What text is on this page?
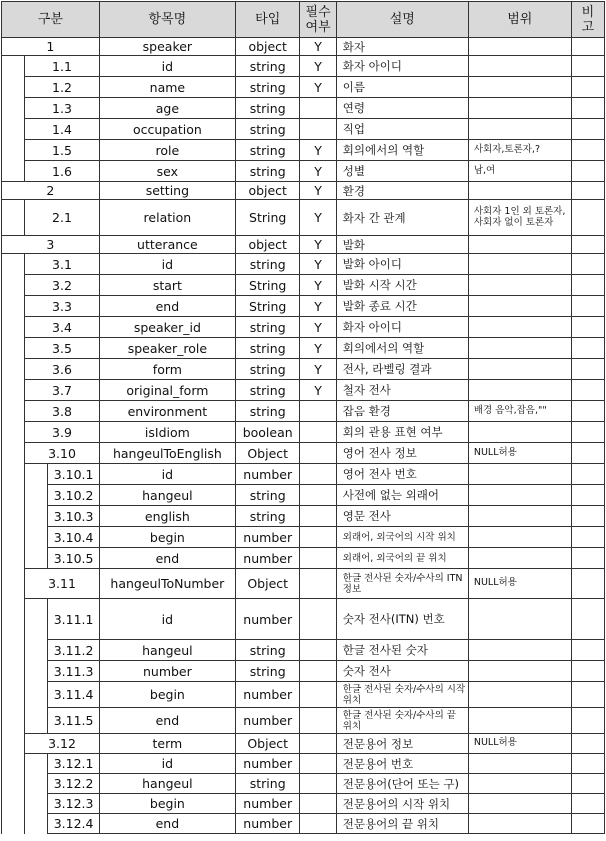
구분			항목명	타입	필수 여부	설명	범위	비고
1			speaker	object	Y	화자		
	1.1		id	string	Y	화자 아이디		
	1.2		name	string	Y	이름		
	1.3		age	string		연령		
	1.4		occupation	string		직업		
	1.5		role	string	Y	회의에서의 역할	사회자,토론자,?	
	1.6		sex	string	Y	성별	남,여	
2			setting	object	Y	환경		
	2.1		relation	String	Y	화자 간 관계	사회자 1인 외 토론자,사회자 없이 토론자	
3			utterance	object	Y	발화		
	3.1		id	string	Y	발화 아이디		
	3.2		start	String	Y	발화 시작 시간		
	3.3		end	String	Y	발화 종료 시간		
	3.4		speaker_id	string	Y	화자 아이디		
	3.5		speaker_role	string	Y	회의에서의 역할		
	3.6		form	string	Y	전사, 라벨링 결과		
	3.7		original_form	string	Y	철자 전사		
	3.8		environment	string		잡음 환경	배경 음악,잡음,""	
	3.9		isIdiom	boolean		회의 관용 표현 여부		
	3.10		hangeulToEnglish	Object		영어 전사 정보	NULL허용	
		3.10.1	id	number		영어 전사 번호		
		3.10.2	hangeul	string		사전에 없는 외래어		
		3.10.3	english	string		영문 전사		
		3.10.4	begin	number		외래어, 외국어의 시작 위치		
		3.10.5	end	number		외래어, 외국어의 끝 위치		
	3.11		hangeulToNumber	Object		한글 전사된 숫자/수사의 ITN 정보	NULL허용	
		3.11.1	id	number		숫자 전사(ITN) 번호		
		3.11.2	hangeul	string		한글 전사된 숫자		
		3.11.3	number	string		숫자 전사		
		3.11.4	begin	number		한글 전사된 숫자/수사의 시작 위치		
		3.11.5	end	number		한글 전사된 숫자/수사의 끝 위치		
	3.12		term	Object		전문용어 정보	NULL허용	
		3.12.1	id	number		전문용어 번호		
		3.12.2	hangeul	string		전문용어(단어 또는 구)		
		3.12.3	begin	number		전문용어의 시작 위치		
		3.12.4	end	number		전문용어의 끝 위치		
